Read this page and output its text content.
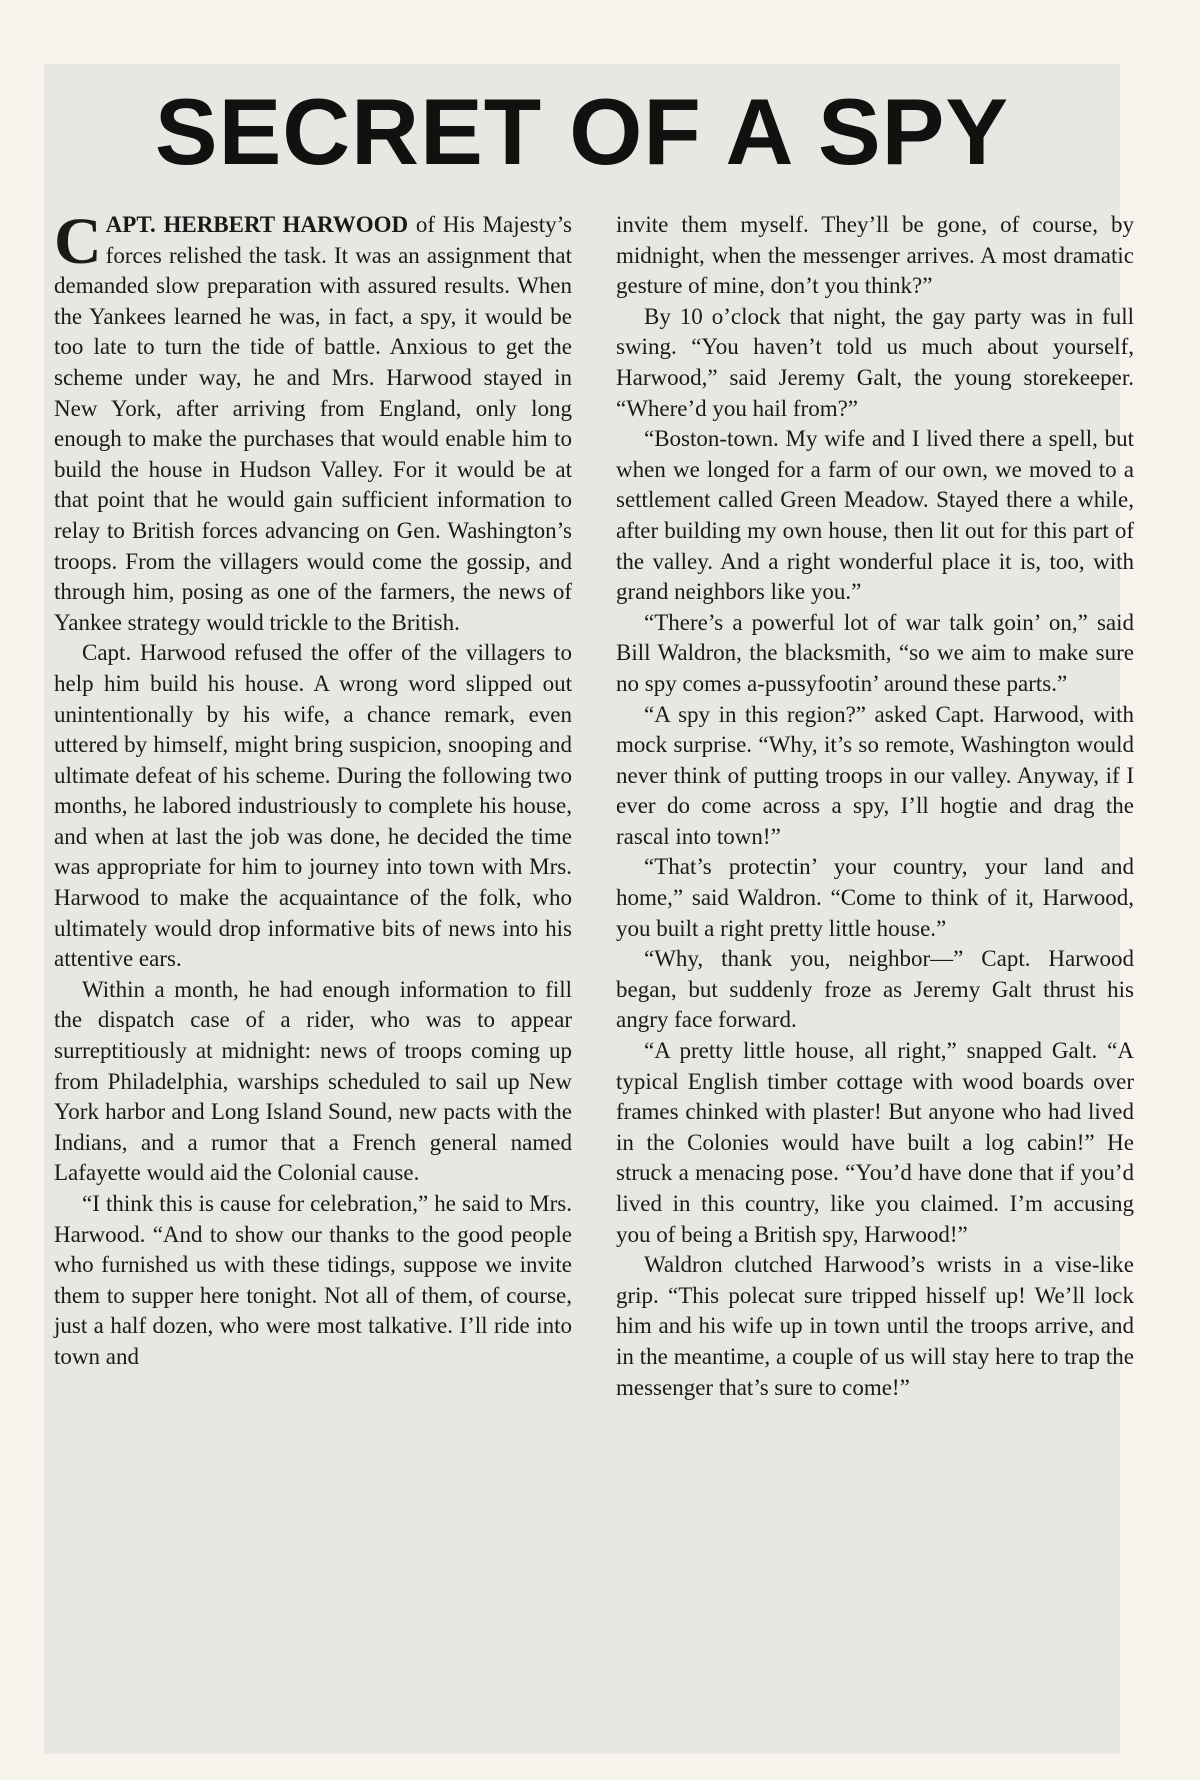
SECRET OF A SPY

CAPT. HERBERT HARWOOD of His Majesty’s forces relished the task. It was an assignment that demanded slow preparation with assured results. When the Yankees learned he was, in fact, a spy, it would be too late to turn the tide of battle. Anxious to get the scheme under way, he and Mrs. Harwood stayed in New York, after arriving from England, only long enough to make the purchases that would enable him to build the house in Hudson Valley. For it would be at that point that he would gain sufficient information to relay to British forces advancing on Gen. Washington’s troops. From the villagers would come the gossip, and through him, posing as one of the farmers, the news of Yankee strategy would trickle to the British.

Capt. Harwood refused the offer of the villagers to help him build his house. A wrong word slipped out unintentionally by his wife, a chance remark, even uttered by himself, might bring suspicion, snooping and ultimate defeat of his scheme. During the following two months, he labored industriously to complete his house, and when at last the job was done, he decided the time was appropriate for him to journey into town with Mrs. Harwood to make the acquaintance of the folk, who ultimately would drop informative bits of news into his attentive ears.

Within a month, he had enough information to fill the dispatch case of a rider, who was to appear surreptitiously at midnight: news of troops coming up from Philadelphia, warships scheduled to sail up New York harbor and Long Island Sound, new pacts with the Indians, and a rumor that a French general named Lafayette would aid the Colonial cause.

“I think this is cause for celebration,” he said to Mrs. Harwood. “And to show our thanks to the good people who furnished us with these tidings, suppose we invite them to supper here tonight. Not all of them, of course, just a half dozen, who were most talkative. I’ll ride into town and

invite them myself. They’ll be gone, of course, by midnight, when the messenger arrives. A most dramatic gesture of mine, don’t you think?”

By 10 o’clock that night, the gay party was in full swing. “You haven’t told us much about yourself, Harwood,” said Jeremy Galt, the young storekeeper. “Where’d you hail from?”

“Boston-town. My wife and I lived there a spell, but when we longed for a farm of our own, we moved to a settlement called Green Meadow. Stayed there a while, after building my own house, then lit out for this part of the valley. And a right wonderful place it is, too, with grand neighbors like you.”

“There’s a powerful lot of war talk goin’ on,” said Bill Waldron, the blacksmith, “so we aim to make sure no spy comes a-pussyfootin’ around these parts.”

“A spy in this region?” asked Capt. Harwood, with mock surprise. “Why, it’s so remote, Washington would never think of putting troops in our valley. Anyway, if I ever do come across a spy, I’ll hogtie and drag the rascal into town!”

“That’s protectin’ your country, your land and home,” said Waldron. “Come to think of it, Harwood, you built a right pretty little house.”

“Why, thank you, neighbor—” Capt. Harwood began, but suddenly froze as Jeremy Galt thrust his angry face forward.

“A pretty little house, all right,” snapped Galt. “A typical English timber cottage with wood boards over frames chinked with plaster! But anyone who had lived in the Colonies would have built a log cabin!” He struck a menacing pose. “You’d have done that if you’d lived in this country, like you claimed. I’m accusing you of being a British spy, Harwood!”

Waldron clutched Harwood’s wrists in a vise-like grip. “This polecat sure tripped hisself up! We’ll lock him and his wife up in town until the troops arrive, and in the meantime, a couple of us will stay here to trap the messenger that’s sure to come!”
